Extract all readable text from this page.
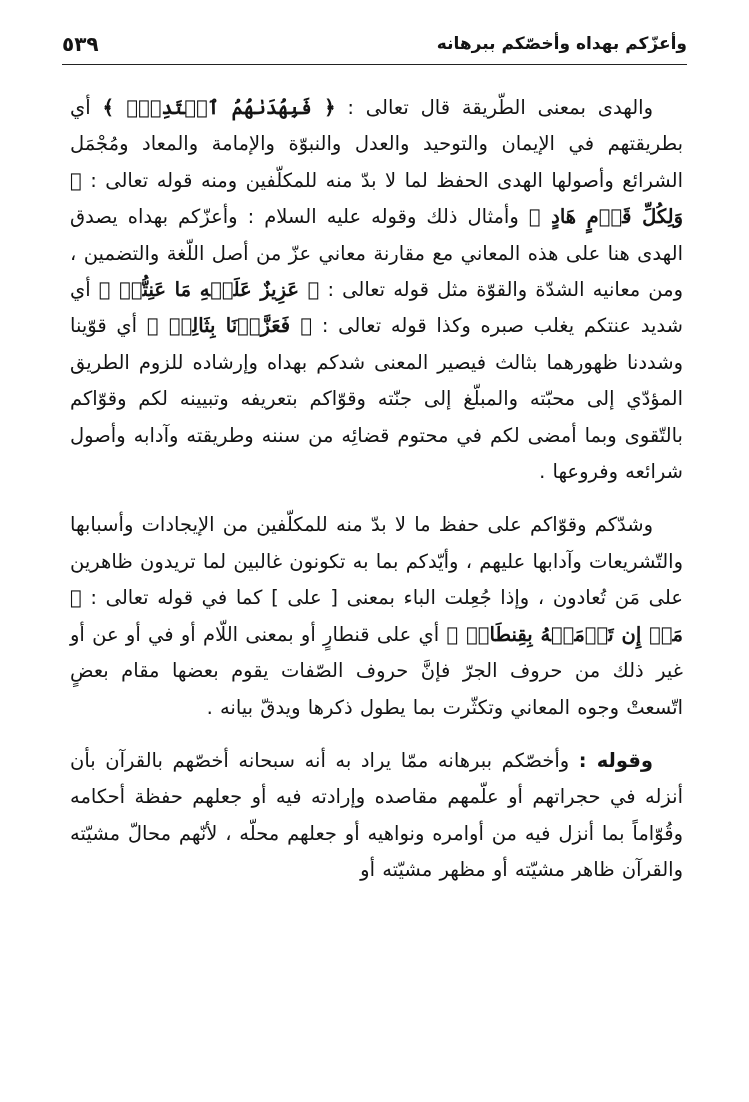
وأعزّكم بهداه وأخصّكم ببرهانه
٥٣٩

والهدى بمعنى الطّريقة قال تعالى : ﴿ فَبِهُدَىٰهُمُ ٱقۡتَدِهۡۗ ﴾ أي بطريقتهم في الإيمان والتوحيد والعدل والنبوّة والإمامة والمعاد ومُجْمَل الشرائع وأصولها الهدى الحفظ لما لا بدّ منه للمكلّفين ومنه قوله تعالى : ﴿ وَلِكُلِّ قَوۡمٍ هَادٍ ﴾ وأمثال ذلك وقوله عليه السلام : وأعزّكم بهداه يصدق الهدى هنا على هذه المعاني مع مقارنة معاني عزّ من أصل اللّغة والتضمين ، ومن معانيه الشدّة والقوّة مثل قوله تعالى : ﴿ عَزِيزٌ عَلَيۡهِ مَا عَنِتُّمۡ ﴾ أي شديد عنتكم يغلب صبره وكذا قوله تعالى : ﴿ فَعَزَّزۡنَا بِثَالِثٖ ﴾ أي قوّينا وشددنا ظهورهما بثالث فيصير المعنى شدكم بهداه وإرشاده للزوم الطريق المؤدّي إلى محبّته والمبلّغ إلى جنّته وقوّاكم بتعريفه وتبيينه لكم وقوّاكم بالتّقوى وبما أمضى لكم في محتوم قضائِه من سننه وطريقته وآدابه وأصول شرائعه وفروعها .

وشدّكم وقوّاكم على حفظ ما لا بدّ منه للمكلّفين من الإيجادات وأسبابها والتّشريعات وآدابها عليهم ، وأيّدكم بما به تكونون غالبين لما تريدون ظاهرين على مَن تُعادون ، وإذا جُعِلت الباء بمعنى [ على ] كما في قوله تعالى : ﴿ مَنۡ إِن تَأۡمَنۡهُ بِقِنطَارٖ ﴾ أي على قنطارٍ أو بمعنى اللّام أو في أو عن أو غير ذلك من حروف الجرّ فإنَّ حروف الصّفات يقوم بعضها مقام بعضٍ اتّسعتْ وجوه المعاني وتكثّرت بما يطول ذكرها ويدقّ بيانه .

وقوله : وأخصّكم ببرهانه ممّا يراد به أنه سبحانه أخصّهم بالقرآن بأن أنزله في حجراتهم أو علّمهم مقاصده وإرادته فيه أو جعلهم حفظة أحكامه وقُوّاماً بما أنزل فيه من أوامره ونواهيه أو جعلهم محلّه ، لأنّهم محالّ مشيّته والقرآن ظاهر مشيّته أو مظهر مشيّته أو
